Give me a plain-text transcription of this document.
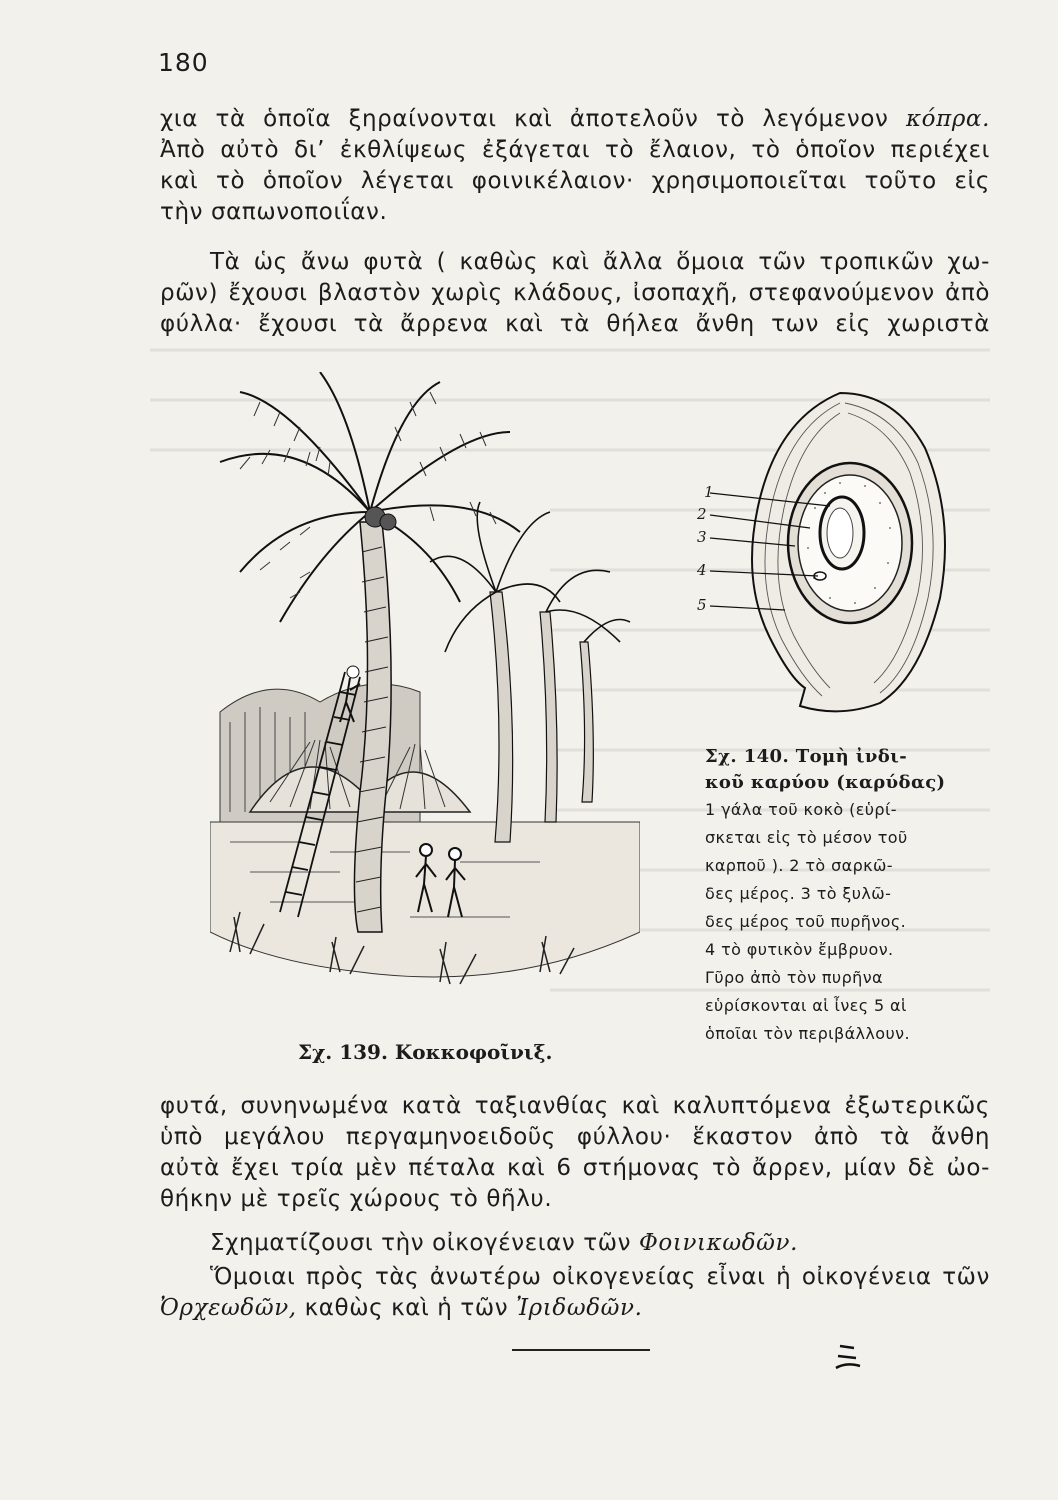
180
χια τὰ ὁποῖα ξηραίνονται καὶ ἀποτελοῦν τὸ λεγόμενον κόπρα.
Ἀπὸ αὐτὸ δι’ ἐκθλίψεως ἐξάγεται τὸ ἔλαιον, τὸ ὁποῖον περιέχει
καὶ τὸ ὁποῖον λέγεται φοινικέλαιον· χρησιμοποιεῖται τοῦτο εἰς
τὴν σαπωνοποιΐαν.
Τὰ ὡς ἄνω φυτὰ ( καθὼς καὶ ἄλλα ὅμοια τῶν τροπικῶν χω-
ρῶν) ἔχουσι βλαστὸν χωρὶς κλάδους, ἰσοπαχῆ, στεφανούμενον ἀπὸ
φύλλα· ἔχουσι τὰ ἄρρενα καὶ τὰ θήλεα ἄνθη των εἰς χωριστὰ
Σχ. 139. Κοκκοφοῖνιξ.
1
2
3
4
5
Σχ. 140. Τομὴ ἰνδι-
κοῦ καρύου (καρύδας)
1 γάλα τοῦ κοκὸ (εὑρί-
σκεται εἰς τὸ μέσον τοῦ
καρποῦ ). 2 τὸ σαρκῶ-
δες μέρος. 3 τὸ ξυλῶ-
δες μέρος τοῦ πυρῆνος.
4 τὸ φυτικὸν ἔμβρυον.
Γῦρο ἀπὸ τὸν πυρῆνα
εὑρίσκονται αἱ ἶνες 5 αἱ
ὁποῖαι τὸν περιβάλλουν.
φυτά, συνηνωμένα κατὰ ταξιανθίας καὶ καλυπτόμενα ἐξωτερικῶς
ὑπὸ μεγάλου περγαμηνοειδοῦς φύλλου· ἕκαστον ἀπὸ τὰ ἄνθη
αὐτὰ ἔχει τρία μὲν πέταλα καὶ 6 στήμονας τὸ ἄρρεν, μίαν δὲ ὠο-
θήκην μὲ τρεῖς χώρους τὸ θῆλυ.
Σχηματίζουσι τὴν οἰκογένειαν τῶν Φοινικωδῶν.
Ὅμοιαι πρὸς τὰς ἀνωτέρω οἰκογενείας εἶναι ἡ οἰκογένεια τῶν
Ὀρχεωδῶν, καθὼς καὶ ἡ τῶν Ἰριδωδῶν.
